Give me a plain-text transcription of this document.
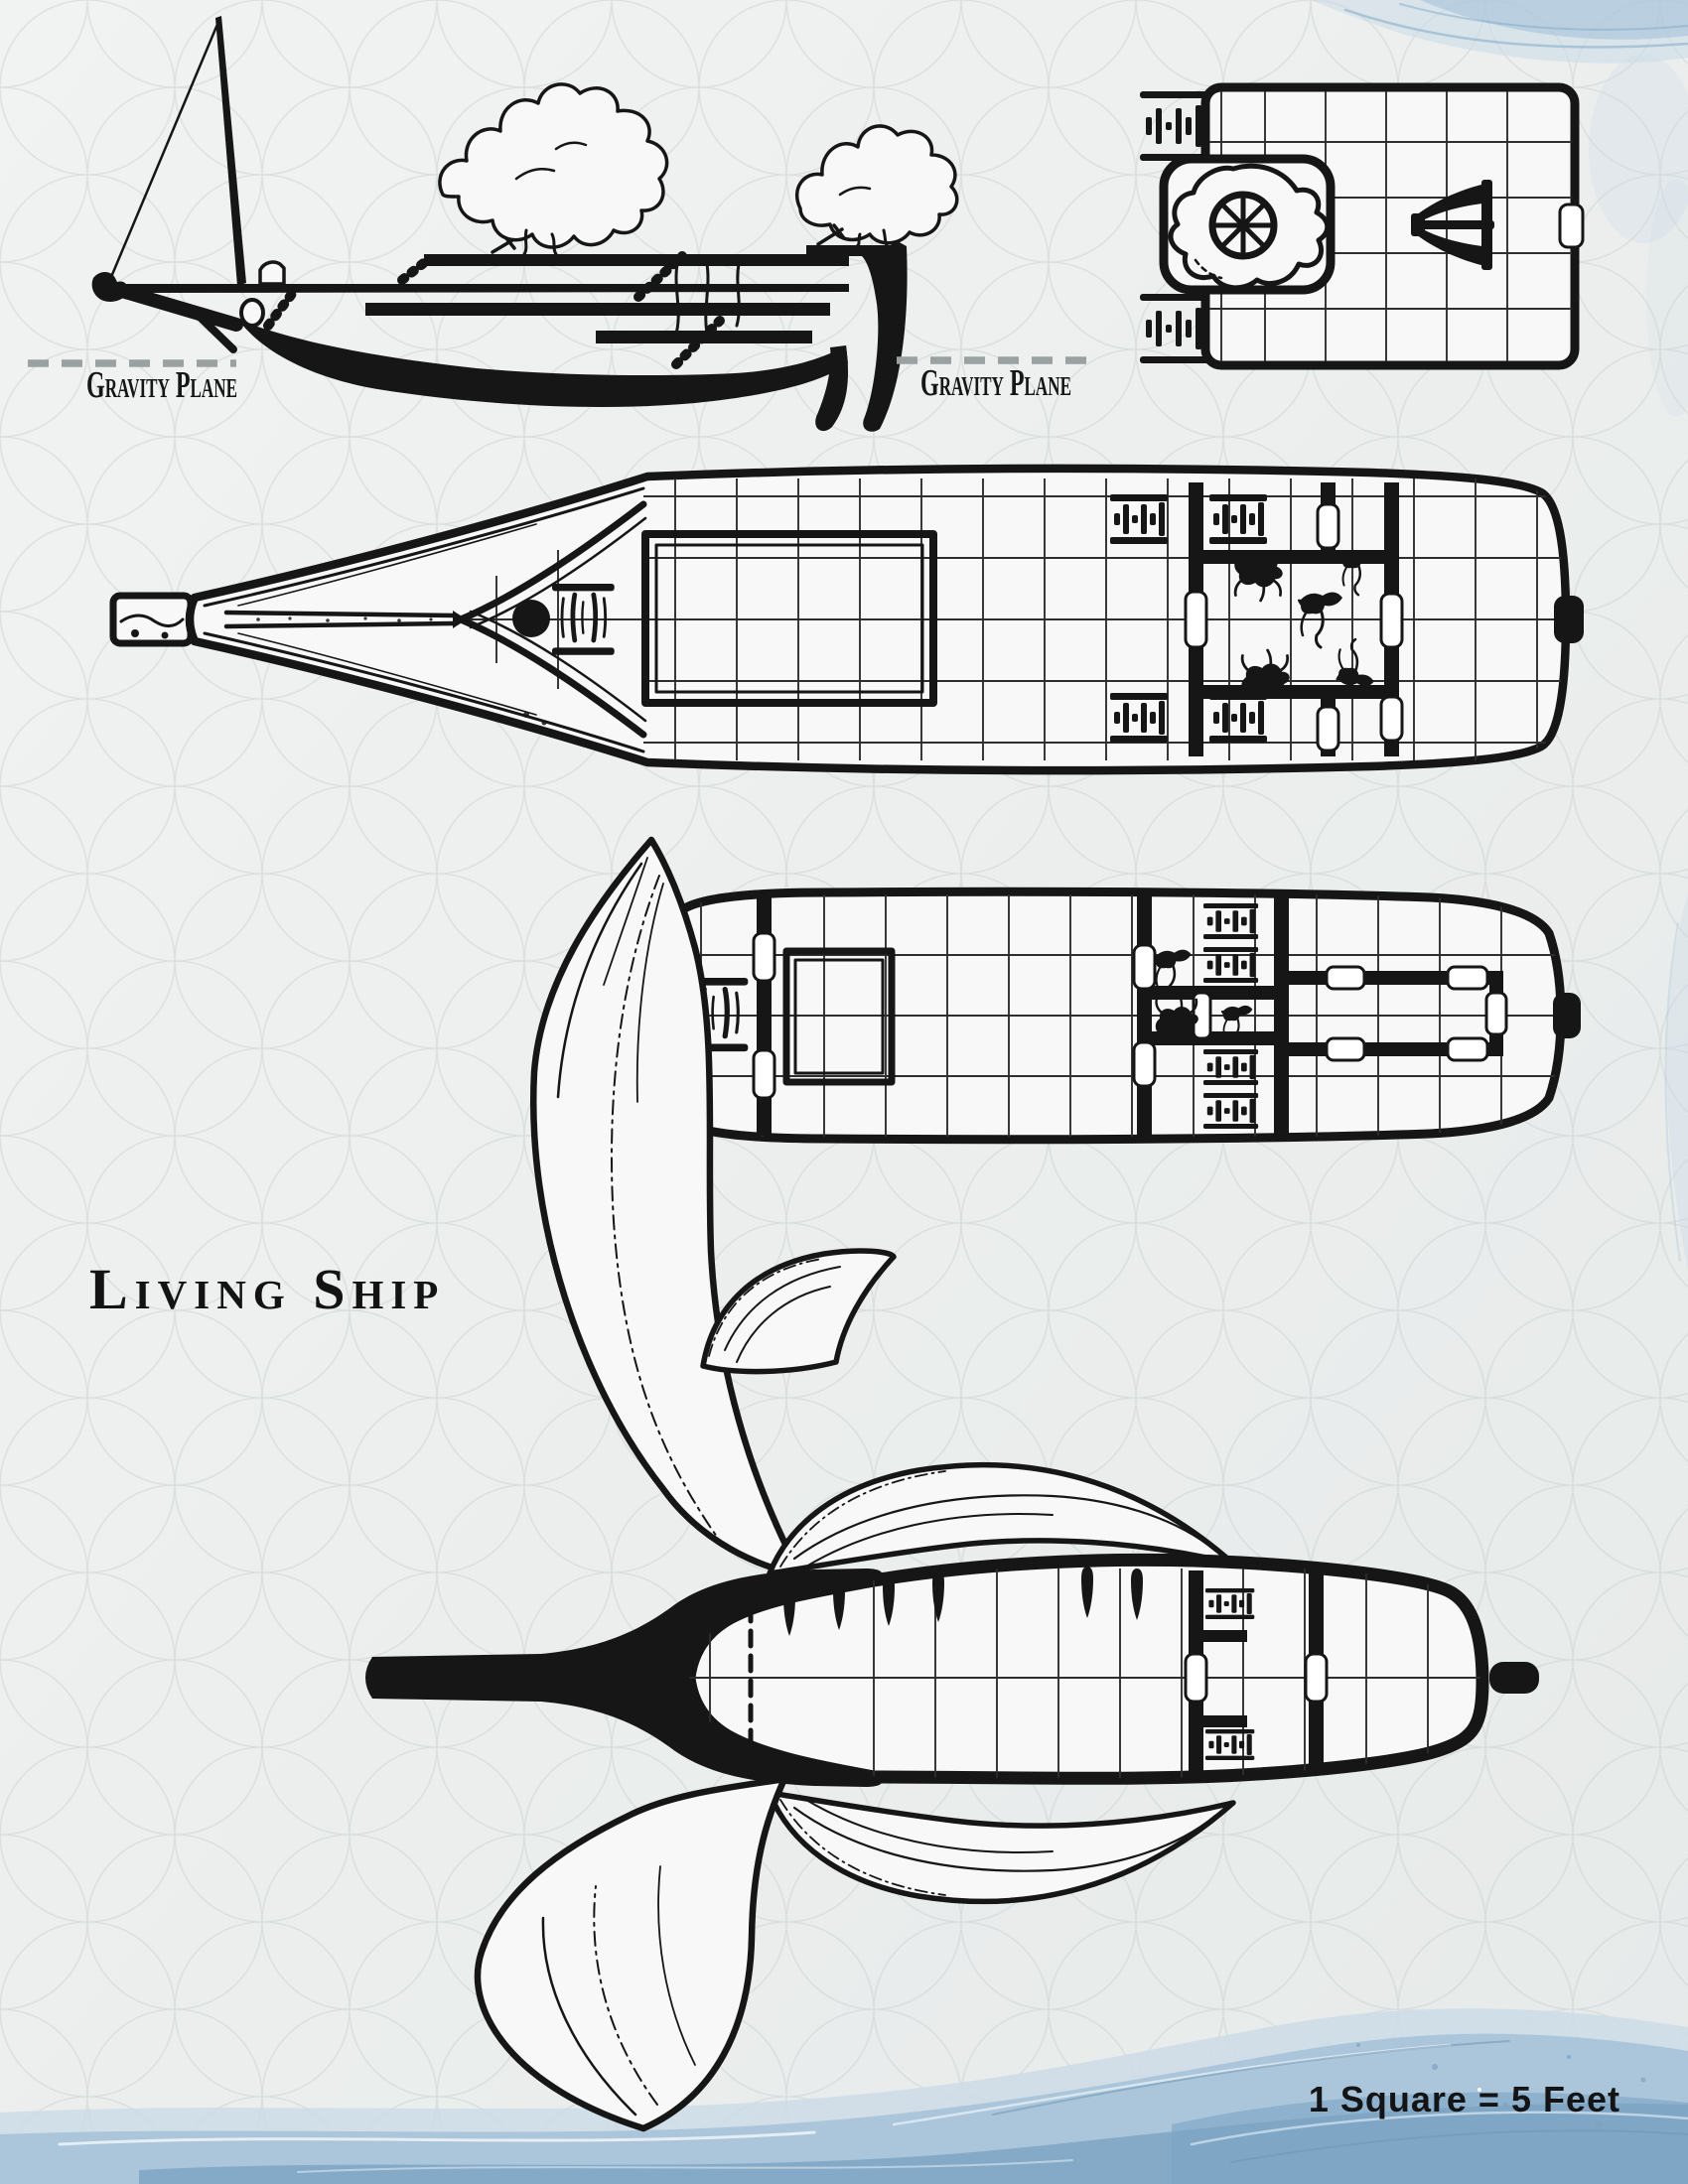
Gravity Plane	Gravity Plane
Living Ship
1 Square = 5 Feet
